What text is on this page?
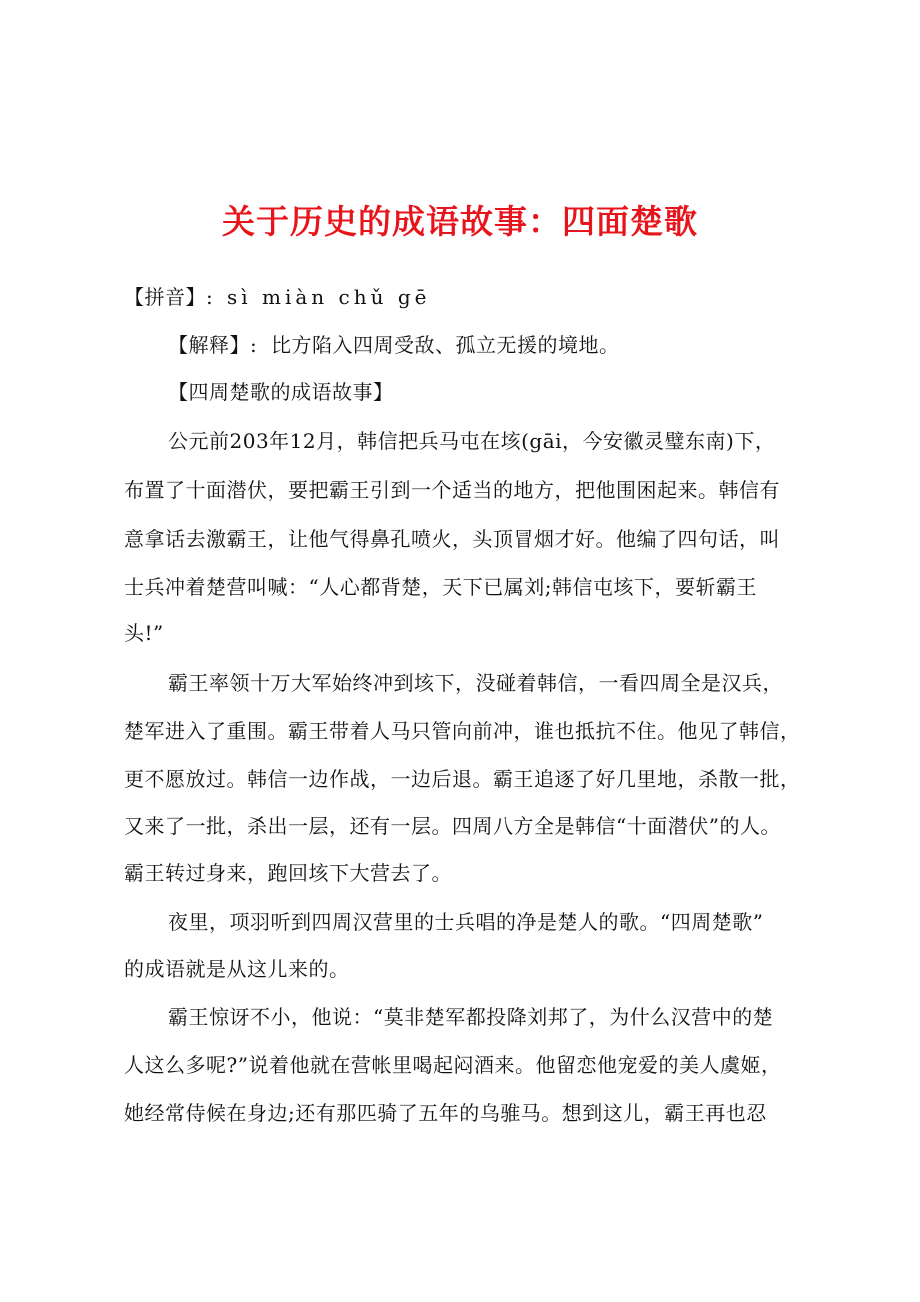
关于历史的成语故事：四面楚歌
【拼音】: sì miàn chǔ gē
【解释】: 比方陷入四周受敌、孤立无援的境地。
【四周楚歌的成语故事】
公元前203年12月，韩信把兵马屯在垓(gāi，今安徽灵璧东南)下，
布置了十面潜伏，要把霸王引到一个适当的地方，把他围困起来。韩信有
意拿话去激霸王，让他气得鼻孔喷火，头顶冒烟才好。他编了四句话，叫
士兵冲着楚营叫喊：“人心都背楚，天下已属刘;韩信屯垓下，要斩霸王
头!”
霸王率领十万大军始终冲到垓下，没碰着韩信，一看四周全是汉兵，
楚军进入了重围。霸王带着人马只管向前冲，谁也抵抗不住。他见了韩信，
更不愿放过。韩信一边作战，一边后退。霸王追逐了好几里地，杀散一批，
又来了一批，杀出一层，还有一层。四周八方全是韩信“十面潜伏”的人。
霸王转过身来，跑回垓下大营去了。
夜里，项羽听到四周汉营里的士兵唱的净是楚人的歌。“四周楚歌”
的成语就是从这儿来的。
霸王惊讶不小，他说：“莫非楚军都投降刘邦了，为什么汉营中的楚
人这么多呢?”说着他就在营帐里喝起闷酒来。他留恋他宠爱的美人虞姬，
她经常侍候在身边;还有那匹骑了五年的乌骓马。想到这儿，霸王再也忍
